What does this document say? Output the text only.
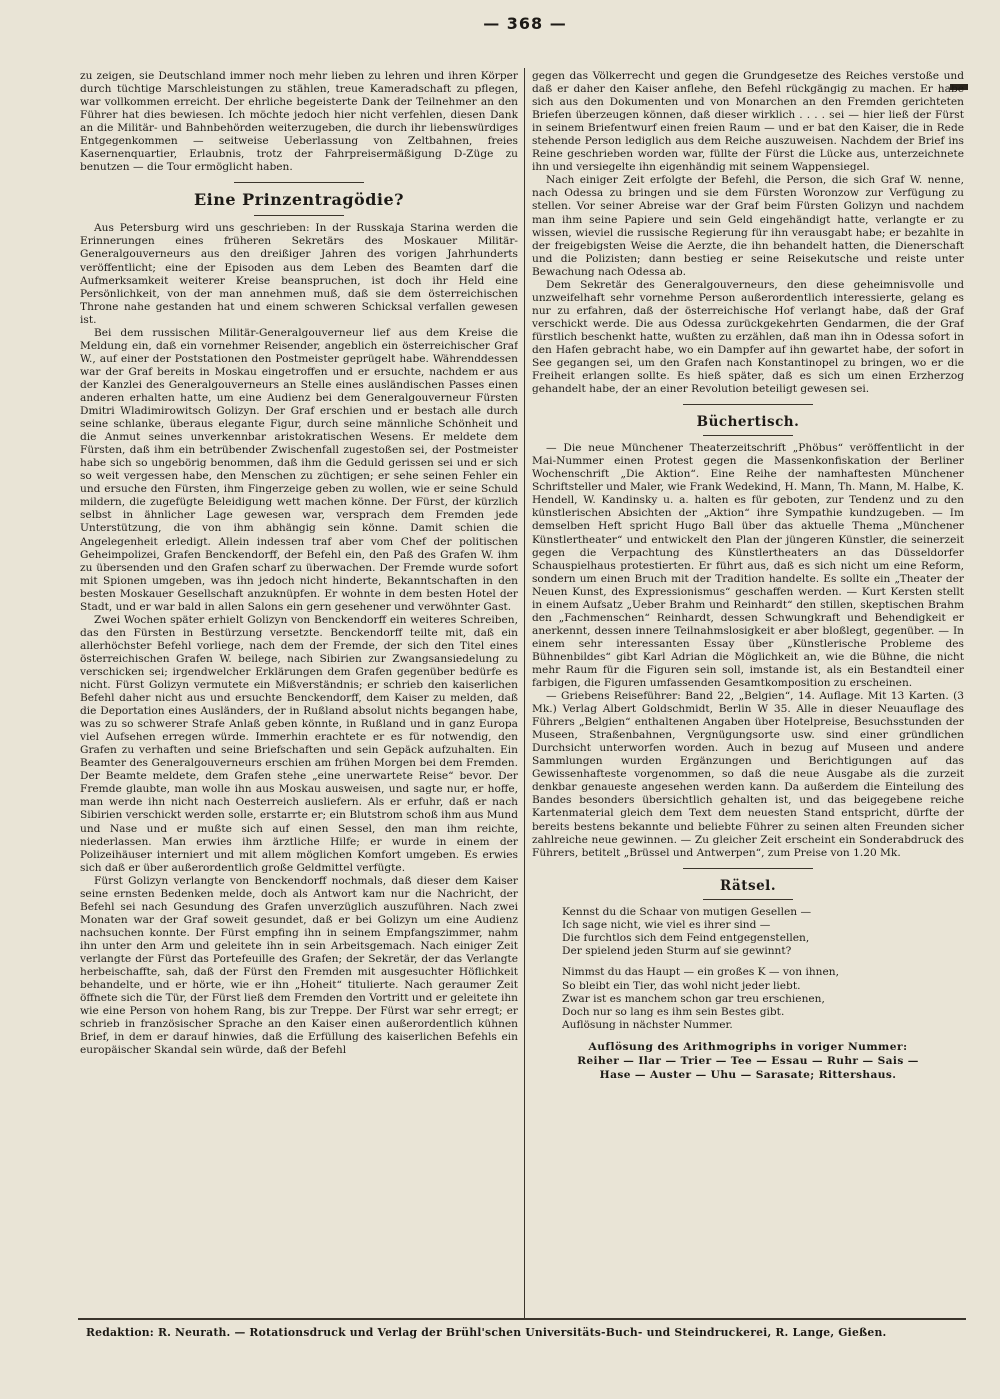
— 368 —

zu zeigen, sie Deutschland immer noch mehr lieben zu lehren und ihren Körper durch tüchtige Marschleistungen zu stählen, treue Kameradschaft zu pflegen, war vollkommen erreicht. Der ehrliche begeisterte Dank der Teilnehmer an den Führer hat dies bewiesen. Ich möchte jedoch hier nicht verfehlen, diesen Dank an die Militär- und Bahnbehörden weiterzugeben, die durch ihr liebenswürdiges Entgegenkommen — seitweise Ueberlassung von Zeltbahnen, freies Kasernenquartier, Erlaubnis, trotz der Fahrpreisermäßigung D-Züge zu benutzen — die Tour ermöglicht haben.

Eine Prinzentragödie?

Aus Petersburg wird uns geschrieben: In der Russkaja Starina werden die Erinnerungen eines früheren Sekretärs des Moskauer Militär-Generalgouverneurs aus den dreißiger Jahren des vorigen Jahrhunderts veröffentlicht; eine der Episoden aus dem Leben des Beamten darf die Aufmerksamkeit weiterer Kreise beanspruchen, ist doch ihr Held eine Persönlichkeit, von der man annehmen muß, daß sie dem österreichischen Throne nahe gestanden hat und einem schweren Schicksal verfallen gewesen ist.

Bei dem russischen Militär-Generalgouverneur lief aus dem Kreise die Meldung ein, daß ein vornehmer Reisender, angeblich ein österreichischer Graf W., auf einer der Poststationen den Postmeister geprügelt habe. Währenddessen war der Graf bereits in Moskau eingetroffen und er ersuchte, nachdem er aus der Kanzlei des Generalgouverneurs an Stelle eines ausländischen Passes einen anderen erhalten hatte, um eine Audienz bei dem Generalgouverneur Fürsten Dmitri Wladimirowitsch Golizyn. Der Graf erschien und er bestach alle durch seine schlanke, überaus elegante Figur, durch seine männliche Schönheit und die Anmut seines unverkennbar aristokratischen Wesens. Er meldete dem Fürsten, daß ihm ein betrübender Zwischenfall zugestoßen sei, der Postmeister habe sich so ungebörig benommen, daß ihm die Geduld gerissen sei und er sich so weit vergessen habe, den Menschen zu züchtigen; er sehe seinen Fehler ein und ersuche den Fürsten, ihm Fingerzeige geben zu wollen, wie er seine Schuld mildern, die zugefügte Beleidigung wett machen könne. Der Fürst, der kürzlich selbst in ähnlicher Lage gewesen war, versprach dem Fremden jede Unterstützung, die von ihm abhängig sein könne. Damit schien die Angelegenheit erledigt. Allein indessen traf aber vom Chef der politischen Geheimpolizei, Grafen Benckendorff, der Befehl ein, den Paß des Grafen W. ihm zu übersenden und den Grafen scharf zu überwachen. Der Fremde wurde sofort mit Spionen umgeben, was ihn jedoch nicht hinderte, Bekanntschaften in den besten Moskauer Gesellschaft anzuknüpfen. Er wohnte in dem besten Hotel der Stadt, und er war bald in allen Salons ein gern gesehener und verwöhnter Gast.

Zwei Wochen später erhielt Golizyn von Benckendorff ein weiteres Schreiben, das den Fürsten in Bestürzung versetzte. Benckendorff teilte mit, daß ein allerhöchster Befehl vorliege, nach dem der Fremde, der sich den Titel eines österreichischen Grafen W. beilege, nach Sibirien zur Zwangsansiedelung zu verschicken sei; irgendwelcher Erklärungen dem Grafen gegenüber bedürfe es nicht. Fürst Golizyn vermutete ein Mißverständnis; er schrieb den kaiserlichen Befehl daher nicht aus und ersuchte Benckendorff, dem Kaiser zu melden, daß die Deportation eines Ausländers, der in Rußland absolut nichts begangen habe, was zu so schwerer Strafe Anlaß geben könnte, in Rußland und in ganz Europa viel Aufsehen erregen würde. Immerhin erachtete er es für notwendig, den Grafen zu verhaften und seine Briefschaften und sein Gepäck aufzuhalten. Ein Beamter des Generalgouverneurs erschien am frühen Morgen bei dem Fremden. Der Beamte meldete, dem Grafen stehe „eine unerwartete Reise“ bevor. Der Fremde glaubte, man wolle ihn aus Moskau ausweisen, und sagte nur, er hoffe, man werde ihn nicht nach Oesterreich ausliefern. Als er erfuhr, daß er nach Sibirien verschickt werden solle, erstarrte er; ein Blutstrom schoß ihm aus Mund und Nase und er mußte sich auf einen Sessel, den man ihm reichte, niederlassen. Man erwies ihm ärztliche Hilfe; er wurde in einem der Polizeihäuser interniert und mit allem möglichen Komfort umgeben. Es erwies sich daß er über außerordentlich große Geldmittel verfügte.

Fürst Golizyn verlangte von Benckendorff nochmals, daß dieser dem Kaiser seine ernsten Bedenken melde, doch als Antwort kam nur die Nachricht, der Befehl sei nach Gesundung des Grafen unverzüglich auszuführen. Nach zwei Monaten war der Graf soweit gesundet, daß er bei Golizyn um eine Audienz nachsuchen konnte. Der Fürst empfing ihn in seinem Empfangszimmer, nahm ihn unter den Arm und geleitete ihn in sein Arbeitsgemach. Nach einiger Zeit verlangte der Fürst das Portefeuille des Grafen; der Sekretär, der das Verlangte herbeischaffte, sah, daß der Fürst den Fremden mit ausgesuchter Höflichkeit behandelte, und er hörte, wie er ihn „Hoheit“ titulierte. Nach geraumer Zeit öffnete sich die Tür, der Fürst ließ dem Fremden den Vortritt und er geleitete ihn wie eine Person von hohem Rang, bis zur Treppe. Der Fürst war sehr erregt; er schrieb in französischer Sprache an den Kaiser einen außerordentlich kühnen Brief, in dem er darauf hinwies, daß die Erfüllung des kaiserlichen Befehls ein europäischer Skandal sein würde, daß der Befehl

gegen das Völkerrecht und gegen die Grundgesetze des Reiches verstoße und daß er daher den Kaiser anflehe, den Befehl rückgängig zu machen. Er habe sich aus den Dokumenten und von Monarchen an den Fremden gerichteten Briefen überzeugen können, daß dieser wirklich . . . . sei — hier ließ der Fürst in seinem Briefentwurf einen freien Raum — und er bat den Kaiser, die in Rede stehende Person lediglich aus dem Reiche auszuweisen. Nachdem der Brief ins Reine geschrieben worden war, füllte der Fürst die Lücke aus, unterzeichnete ihn und versiegelte ihn eigenhändig mit seinem Wappensiegel.

Nach einiger Zeit erfolgte der Befehl, die Person, die sich Graf W. nenne, nach Odessa zu bringen und sie dem Fürsten Woronzow zur Verfügung zu stellen. Vor seiner Abreise war der Graf beim Fürsten Golizyn und nachdem man ihm seine Papiere und sein Geld eingehändigt hatte, verlangte er zu wissen, wieviel die russische Regierung für ihn verausgabt habe; er bezahlte in der freigebigsten Weise die Aerzte, die ihn behandelt hatten, die Dienerschaft und die Polizisten; dann bestieg er seine Reisekutsche und reiste unter Bewachung nach Odessa ab.

Dem Sekretär des Generalgouverneurs, den diese geheimnisvolle und unzweifelhaft sehr vornehme Person außerordentlich interessierte, gelang es nur zu erfahren, daß der österreichische Hof verlangt habe, daß der Graf verschickt werde. Die aus Odessa zurückgekehrten Gendarmen, die der Graf fürstlich beschenkt hatte, wußten zu erzählen, daß man ihn in Odessa sofort in den Hafen gebracht habe, wo ein Dampfer auf ihn gewartet habe, der sofort in See gegangen sei, um den Grafen nach Konstantinopel zu bringen, wo er die Freiheit erlangen sollte. Es hieß später, daß es sich um einen Erzherzog gehandelt habe, der an einer Revolution beteiligt gewesen sei.

Büchertisch.

— Die neue Münchener Theaterzeitschrift „Phöbus“ veröffentlicht in der Mai-Nummer einen Protest gegen die Massenkonfiskation der Berliner Wochenschrift „Die Aktion“. Eine Reihe der namhaftesten Münchener Schriftsteller und Maler, wie Frank Wedekind, H. Mann, Th. Mann, M. Halbe, K. Hendell, W. Kandinsky u. a. halten es für geboten, zur Tendenz und zu den künstlerischen Absichten der „Aktion“ ihre Sympathie kundzugeben. — Im demselben Heft spricht Hugo Ball über das aktuelle Thema „Münchener Künstlertheater“ und entwickelt den Plan der jüngeren Künstler, die seinerzeit gegen die Verpachtung des Künstlertheaters an das Düsseldorfer Schauspielhaus protestierten. Er führt aus, daß es sich nicht um eine Reform, sondern um einen Bruch mit der Tradition handelte. Es sollte ein „Theater der Neuen Kunst, des Expressionismus“ geschaffen werden. — Kurt Kersten stellt in einem Aufsatz „Ueber Brahm und Reinhardt“ den stillen, skeptischen Brahm den „Fachmenschen“ Reinhardt, dessen Schwungkraft und Behendigkeit er anerkennt, dessen innere Teilnahmslosigkeit er aber bloßlegt, gegenüber. — In einem sehr interessanten Essay über „Künstlerische Probleme des Bühnenbildes“ gibt Karl Adrian die Möglichkeit an, wie die Bühne, die nicht mehr Raum für die Figuren sein soll, imstande ist, als ein Bestandteil einer farbigen, die Figuren umfassenden Gesamtkomposition zu erscheinen.

— Griebens Reiseführer: Band 22, „Belgien“, 14. Auflage. Mit 13 Karten. (3 Mk.) Verlag Albert Goldschmidt, Berlin W 35. Alle in dieser Neuauflage des Führers „Belgien“ enthaltenen Angaben über Hotelpreise, Besuchsstunden der Museen, Straßenbahnen, Vergnügungsorte usw. sind einer gründlichen Durchsicht unterworfen worden. Auch in bezug auf Museen und andere Sammlungen wurden Ergänzungen und Berichtigungen auf das Gewissenhafteste vorgenommen, so daß die neue Ausgabe als die zurzeit denkbar genaueste angesehen werden kann. Da außerdem die Einteilung des Bandes besonders übersichtlich gehalten ist, und das beigegebene reiche Kartenmaterial gleich dem Text dem neuesten Stand entspricht, dürfte der bereits bestens bekannte und beliebte Führer zu seinen alten Freunden sicher zahlreiche neue gewinnen. — Zu gleicher Zeit erscheint ein Sonderabdruck des Führers, betitelt „Brüssel und Antwerpen“, zum Preise von 1.20 Mk.

Rätsel.
Kennst du die Schaar von mutigen Gesellen —
Ich sage nicht, wie viel es ihrer sind —
Die furchtlos sich dem Feind entgegenstellen,
Der spielend jeden Sturm auf sie gewinnt?
Nimmst du das Haupt — ein großes K — von ihnen,
So bleibt ein Tier, das wohl nicht jeder liebt.
Zwar ist es manchem schon gar treu erschienen,
Doch nur so lang es ihm sein Bestes gibt.
Auflösung in nächster Nummer.
Auflösung des Arithmogriphs in voriger Nummer:
Reiher — Ilar — Trier — Tee — Essau — Ruhr — Sais —
Hase — Auster — Uhu — Sarasate; Rittershaus.
Redaktion: R. Neurath. — Rotationsdruck und Verlag der Brühl'schen Universitäts-Buch- und Steindruckerei, R. Lange, Gießen.
